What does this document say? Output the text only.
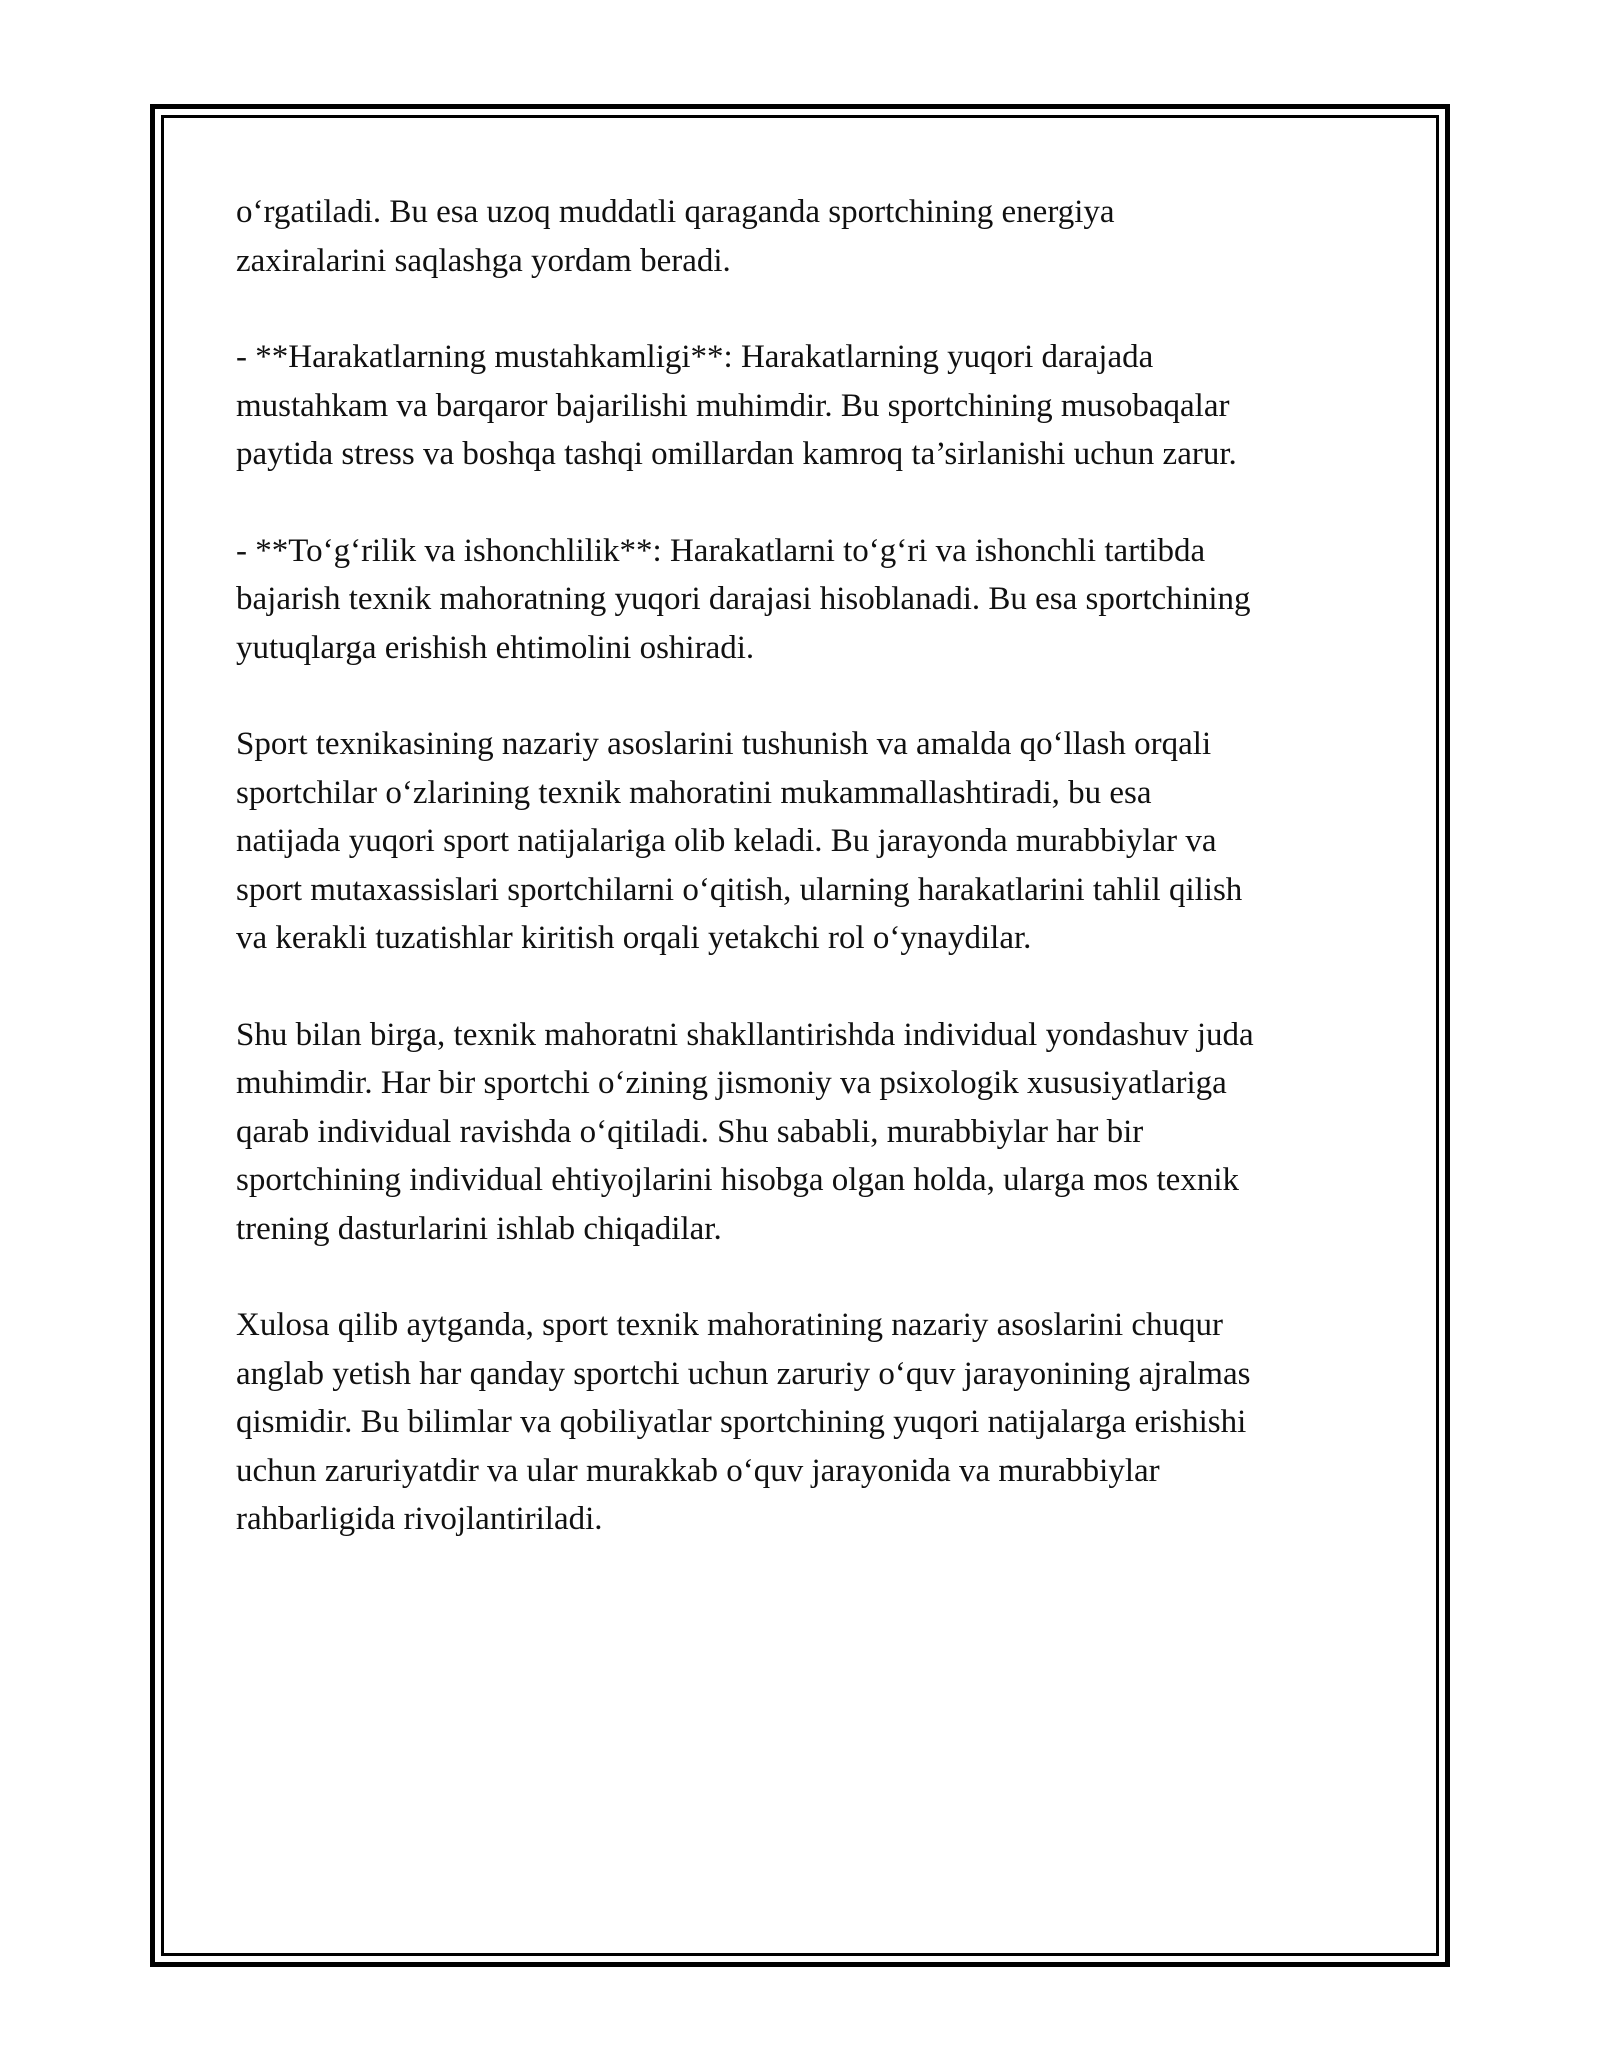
o‘rgatiladi. Bu esa uzoq muddatli qaraganda sportchining energiya
zaxiralarini saqlashga yordam beradi.

- **Harakatlarning mustahkamligi**: Harakatlarning yuqori darajada
mustahkam va barqaror bajarilishi muhimdir. Bu sportchining musobaqalar
paytida stress va boshqa tashqi omillardan kamroq ta’sirlanishi uchun zarur.

- **To‘g‘rilik va ishonchlilik**: Harakatlarni to‘g‘ri va ishonchli tartibda
bajarish texnik mahoratning yuqori darajasi hisoblanadi. Bu esa sportchining
yutuqlarga erishish ehtimolini oshiradi.

Sport texnikasining nazariy asoslarini tushunish va amalda qo‘llash orqali
sportchilar o‘zlarining texnik mahoratini mukammallashtiradi, bu esa
natijada yuqori sport natijalariga olib keladi. Bu jarayonda murabbiylar va
sport mutaxassislari sportchilarni o‘qitish, ularning harakatlarini tahlil qilish
va kerakli tuzatishlar kiritish orqali yetakchi rol o‘ynaydilar.

Shu bilan birga, texnik mahoratni shakllantirishda individual yondashuv juda
muhimdir. Har bir sportchi o‘zining jismoniy va psixologik xususiyatlariga
qarab individual ravishda o‘qitiladi. Shu sababli, murabbiylar har bir
sportchining individual ehtiyojlarini hisobga olgan holda, ularga mos texnik
trening dasturlarini ishlab chiqadilar.

Xulosa qilib aytganda, sport texnik mahoratining nazariy asoslarini chuqur
anglab yetish har qanday sportchi uchun zaruriy o‘quv jarayonining ajralmas
qismidir. Bu bilimlar va qobiliyatlar sportchining yuqori natijalarga erishishi
uchun zaruriyatdir va ular murakkab o‘quv jarayonida va murabbiylar
rahbarligida rivojlantiriladi.
